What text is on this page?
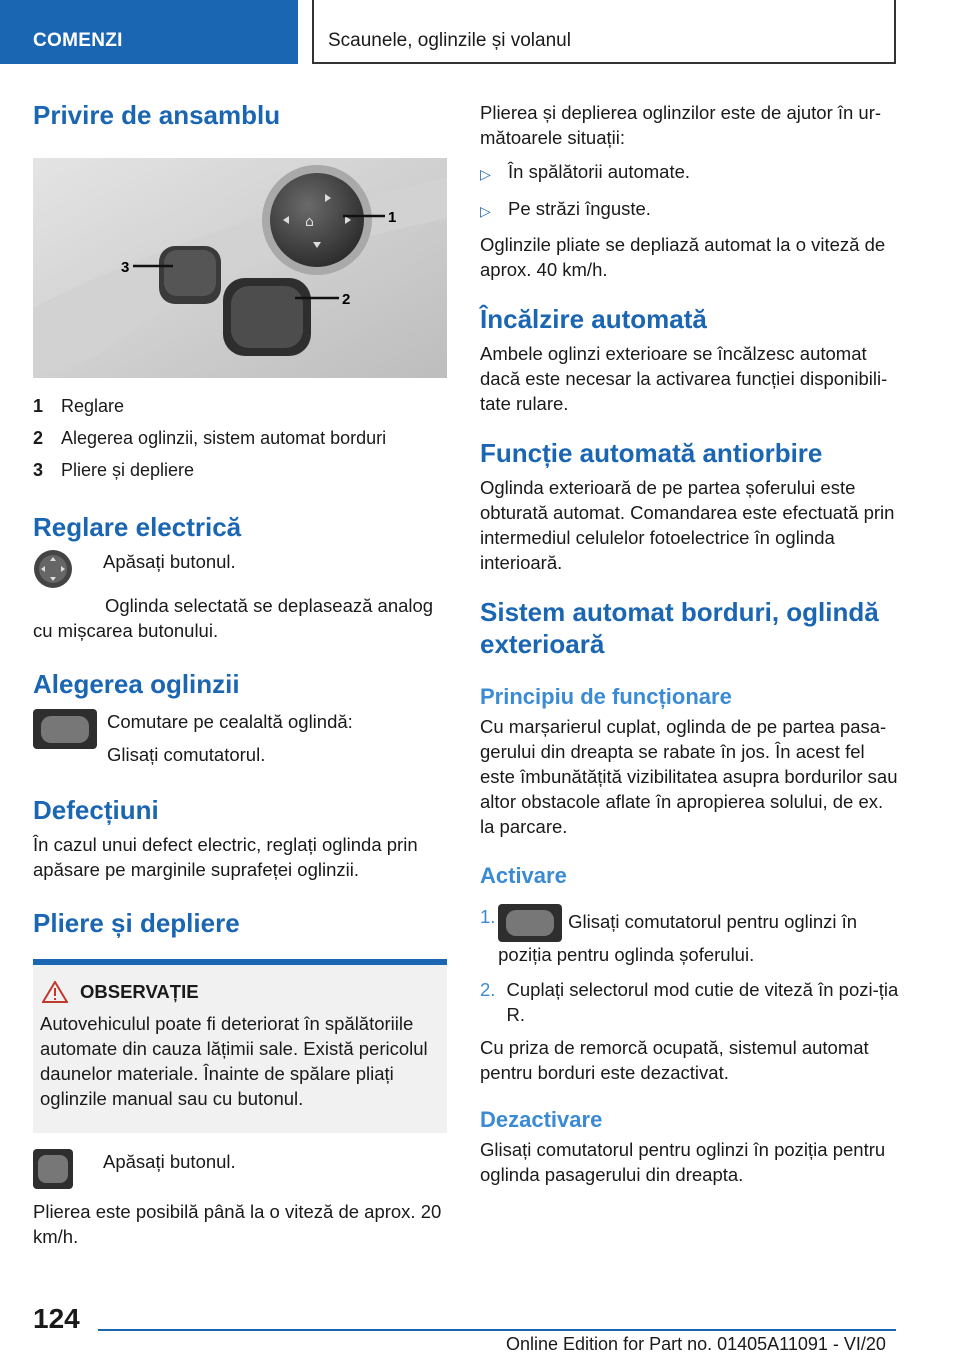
COMENZI	Scaunele, oglinzile și volanul
Privire de ansamblu
⌂	1
2
3
1 Reglare
2 Alegerea oglinzii, sistem automat borduri
3 Pliere și depliere
Reglare electrică

Apăsați butonul.

Oglinda selectată se deplasează analog cu mișcarea butonului.

Alegerea oglinzii

Comutare pe cealaltă oglindă:

Glisați comutatorul.

Defecțiuni

În cazul unui defect electric, reglați oglinda prin apăsare pe marginile suprafeței oglinzii.

Pliere și depliere
OBSERVAȚIE

Autovehiculul poate fi deteriorat în spălătoriile automate din cauza lățimii sale. Există pericolul daunelor materiale. Înainte de spălare pliați oglinzile manual sau cu butonul.

Apăsați butonul.

Plierea este posibilă până la o viteză de aprox. 20 km/h.

Plierea și deplierea oglinzilor este de ajutor în ur-mătoarele situații:

▷ În spălătorii automate.
▷ Pe străzi înguste.

Oglinzile pliate se depliază automat la o viteză de aprox. 40 km/h.

Încălzire automată

Ambele oglinzi exterioare se încălzesc automat dacă este necesar la activarea funcției disponibili-tate rulare.

Funcție automată antiorbire

Oglinda exterioară de pe partea șoferului este obturată automat. Comandarea este efectuată prin intermediul celulelor fotoelectrice în oglinda interioară.

Sistem automat borduri, oglindă exterioară
Principiu de funcționare

Cu marșarierul cuplat, oglinda de pe partea pasa-gerului din dreapta se rabate în jos. În acest fel este îmbunătățită vizibilitatea asupra bordurilor sau altor obstacole aflate în apropierea solului, de ex. la parcare.

Activare
1.	Glisați comutatorul pentru oglinzi în poziția pentru oglinda șoferului.
2. Cuplați selectorul mod cutie de viteză în pozi-ția R.

Cu priza de remorcă ocupată, sistemul automat pentru borduri este dezactivat.

Dezactivare

Glisați comutatorul pentru oglinzi în poziția pentru oglinda pasagerului din dreapta.

124
Online Edition for Part no. 01405A11091 - VI/20
